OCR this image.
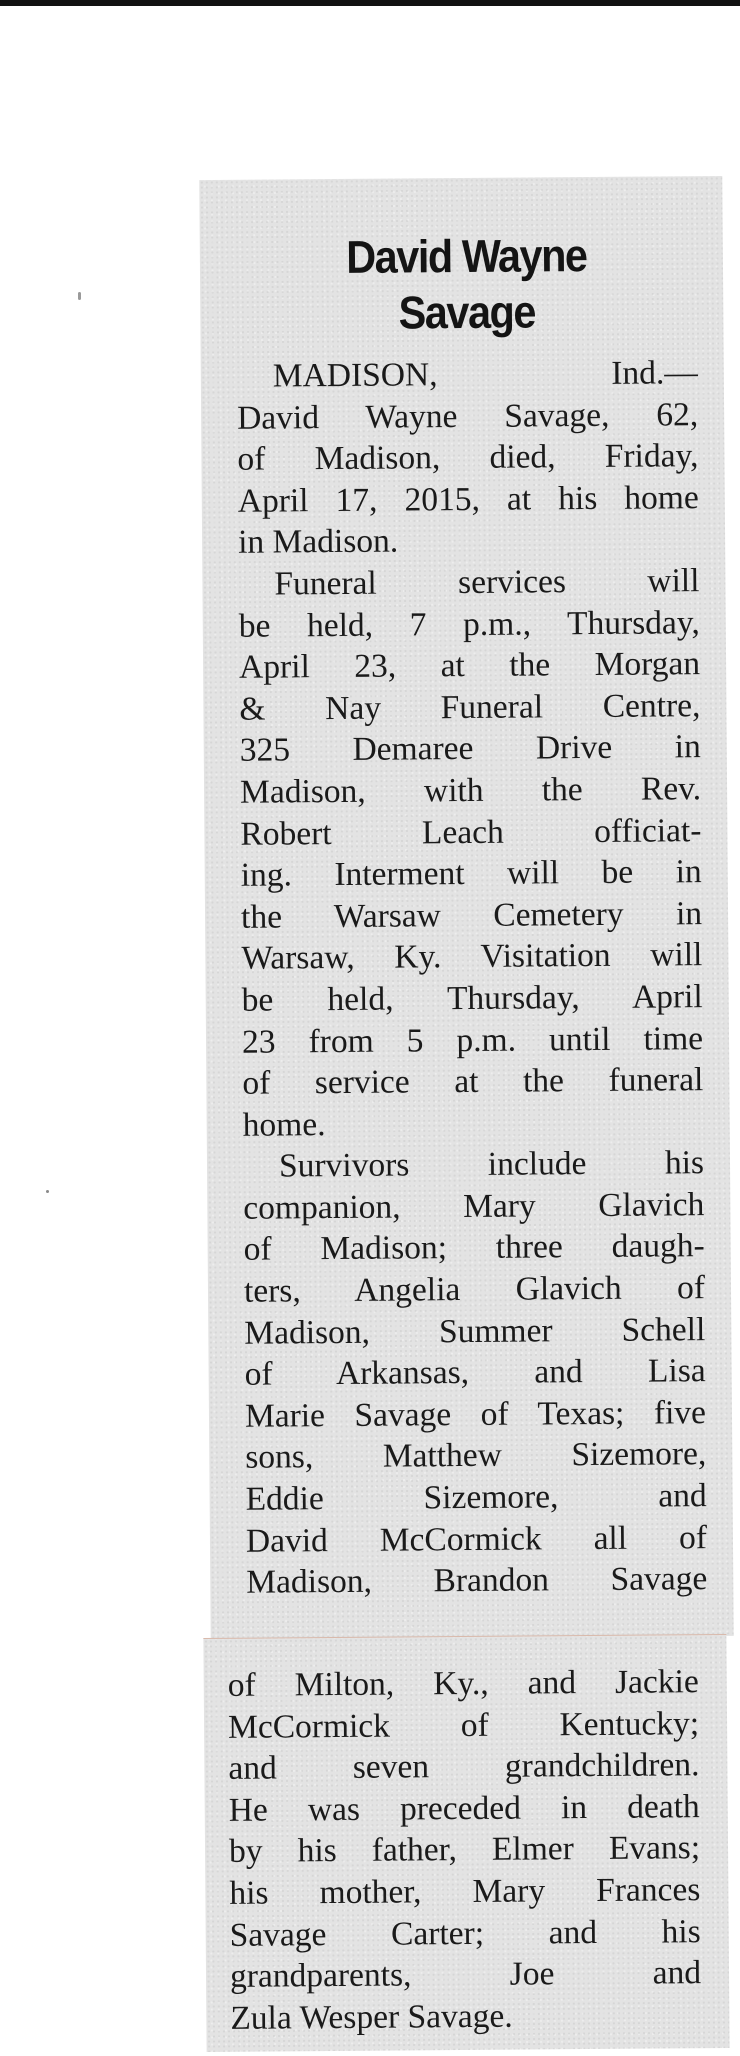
David Wayne
Savage

MADISON, Ind.—
David Wayne Savage, 62,
of Madison, died, Friday,
April 17, 2015, at his home
in Madison.

Funeral services will
be held, 7 p.m., Thursday,
April 23, at the Morgan
& Nay Funeral Centre,
325 Demaree Drive in
Madison, with the Rev.
Robert Leach officiat-
ing. Interment will be in
the Warsaw Cemetery in
Warsaw, Ky. Visitation will
be held, Thursday, April
23 from 5 p.m. until time
of service at the funeral
home.

Survivors include his
companion, Mary Glavich
of Madison; three daugh-
ters, Angelia Glavich of
Madison, Summer Schell
of Arkansas, and Lisa
Marie Savage of Texas; five
sons, Matthew Sizemore,
Eddie Sizemore, and
David McCormick all of
Madison, Brandon Savage

of Milton, Ky., and Jackie
McCormick of Kentucky;
and seven grandchildren.
He was preceded in death
by his father, Elmer Evans;
his mother, Mary Frances
Savage Carter; and his
grandparents, Joe and
Zula Wesper Savage.
